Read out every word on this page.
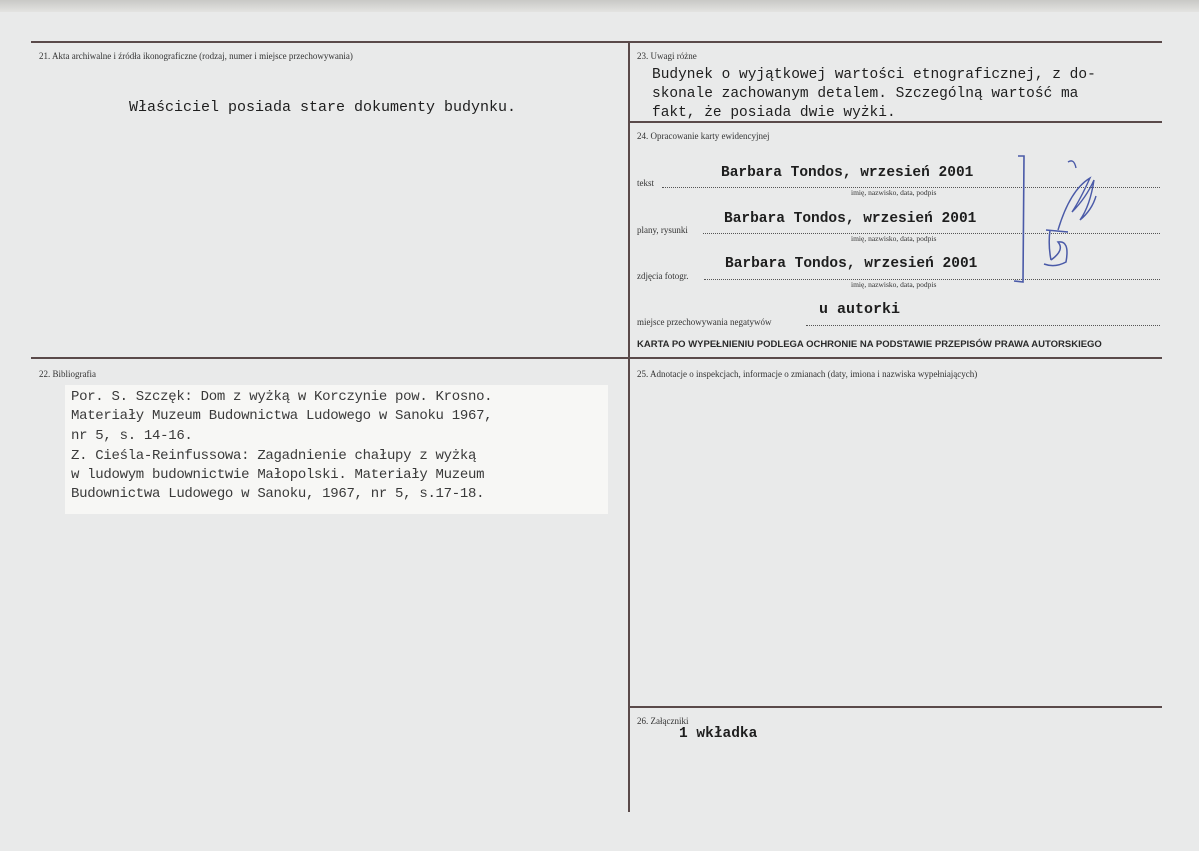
21. Akta archiwalne i źródła ikonograficzne (rodzaj, numer i miejsce przechowywania)
Właściciel posiada stare dokumenty budynku.
23. Uwagi różne
Budynek o wyjątkowej wartości etnograficznej, z do-
skonale zachowanym detalem. Szczególną wartość ma
fakt, że posiada dwie wyżki.
24. Opracowanie karty ewidencyjnej
tekst
Barbara Tondos, wrzesień 2001
imię, nazwisko, data, podpis
plany, rysunki
Barbara Tondos, wrzesień 2001
imię, nazwisko, data, podpis
zdjęcia fotogr.
Barbara Tondos, wrzesień 2001
imię, nazwisko, data, podpis
miejsce przechowywania negatywów
u autorki
KARTA PO WYPEŁNIENIU PODLEGA OCHRONIE NA PODSTAWIE PRZEPISÓW PRAWA AUTORSKIEGO
22. Bibliografia
Por. S. Szczęk: Dom z wyżką w Korczynie pow. Krosno.
Materiały Muzeum Budownictwa Ludowego w Sanoku 1967,
nr 5, s. 14-16.
Z. Cieśla-Reinfussowa: Zagadnienie chałupy z wyżką
w ludowym budownictwie Małopolski. Materiały Muzeum
Budownictwa Ludowego w Sanoku, 1967, nr 5, s.17-18.
25. Adnotacje o inspekcjach, informacje o zmianach (daty, imiona i nazwiska wypełniających)
26. Załączniki
1 wkładka
